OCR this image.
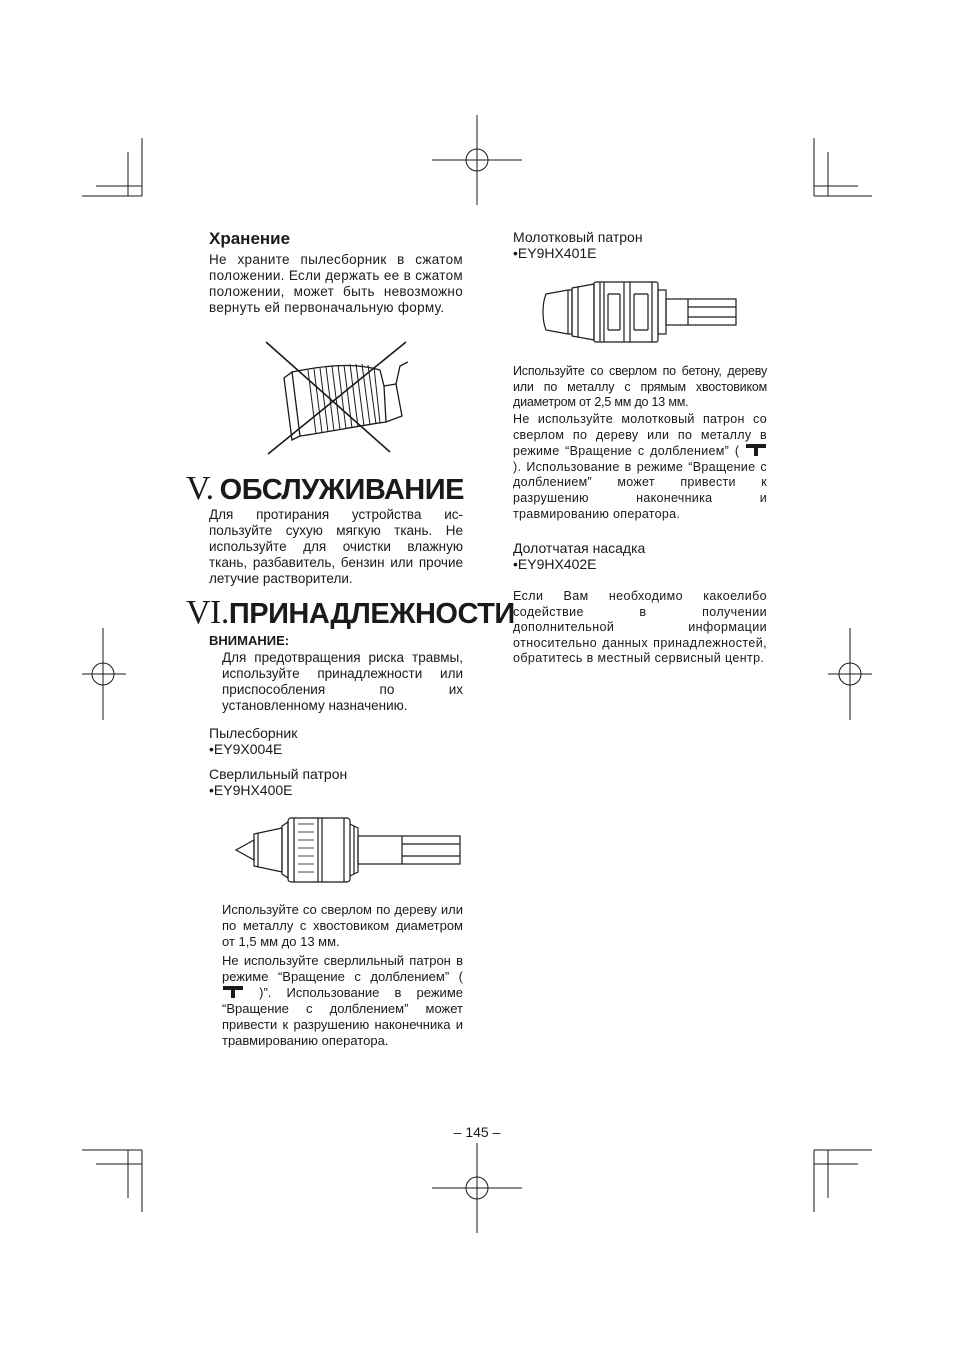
Хранение
Не храните пылесборник в сжатом положении. Если держать ее в сжатом положении, может быть невозможно вернуть ей первоначальную форму.
V. ОБСЛУЖИВАНИЕ
Для протирания устройства ис-пользуйте сухую мягкую ткань. Не используйте для очистки влажную ткань, разбавитель, бензин или прочие летучие растворители.
VI.ПРИНАДЛЕЖНОСТИ
ВНИМАНИЕ:
Для предотвращения риска травмы, используйте принадлежности или приспособления по их установленному назначению.
Пылесборник
•EY9X004E
Сверлильный патрон
•EY9HX400E
Используйте со сверлом по дереву или по металлу с хвостовиком диаметром от 1,5 мм до 13 мм.
Не используйте сверлильный патрон в режиме “Вращение с долблением” (  )”. Использование в режиме “Вращение с долблением” может привести к разрушению наконечника и травмированию оператора.
Молотковый патрон
•EY9HX401E
Используйте со сверлом по бетону, дереву или по металлу с прямым хвостовиком диаметром от 2,5 мм до 13 мм.
Не используйте молотковый патрон со сверлом по дереву или по металлу в режиме “Вращение с долблением” (  ). Использование в режиме “Вращение с долблением” может привести к разрушению наконечника и травмированию оператора.
Долотчатая насадка
•EY9HX402E
Если Вам необходимо какоелибо содействие в получении дополнительной информации относительно данных принадлежностей, обратитесь в местный сервисный центр.
– 145 –
